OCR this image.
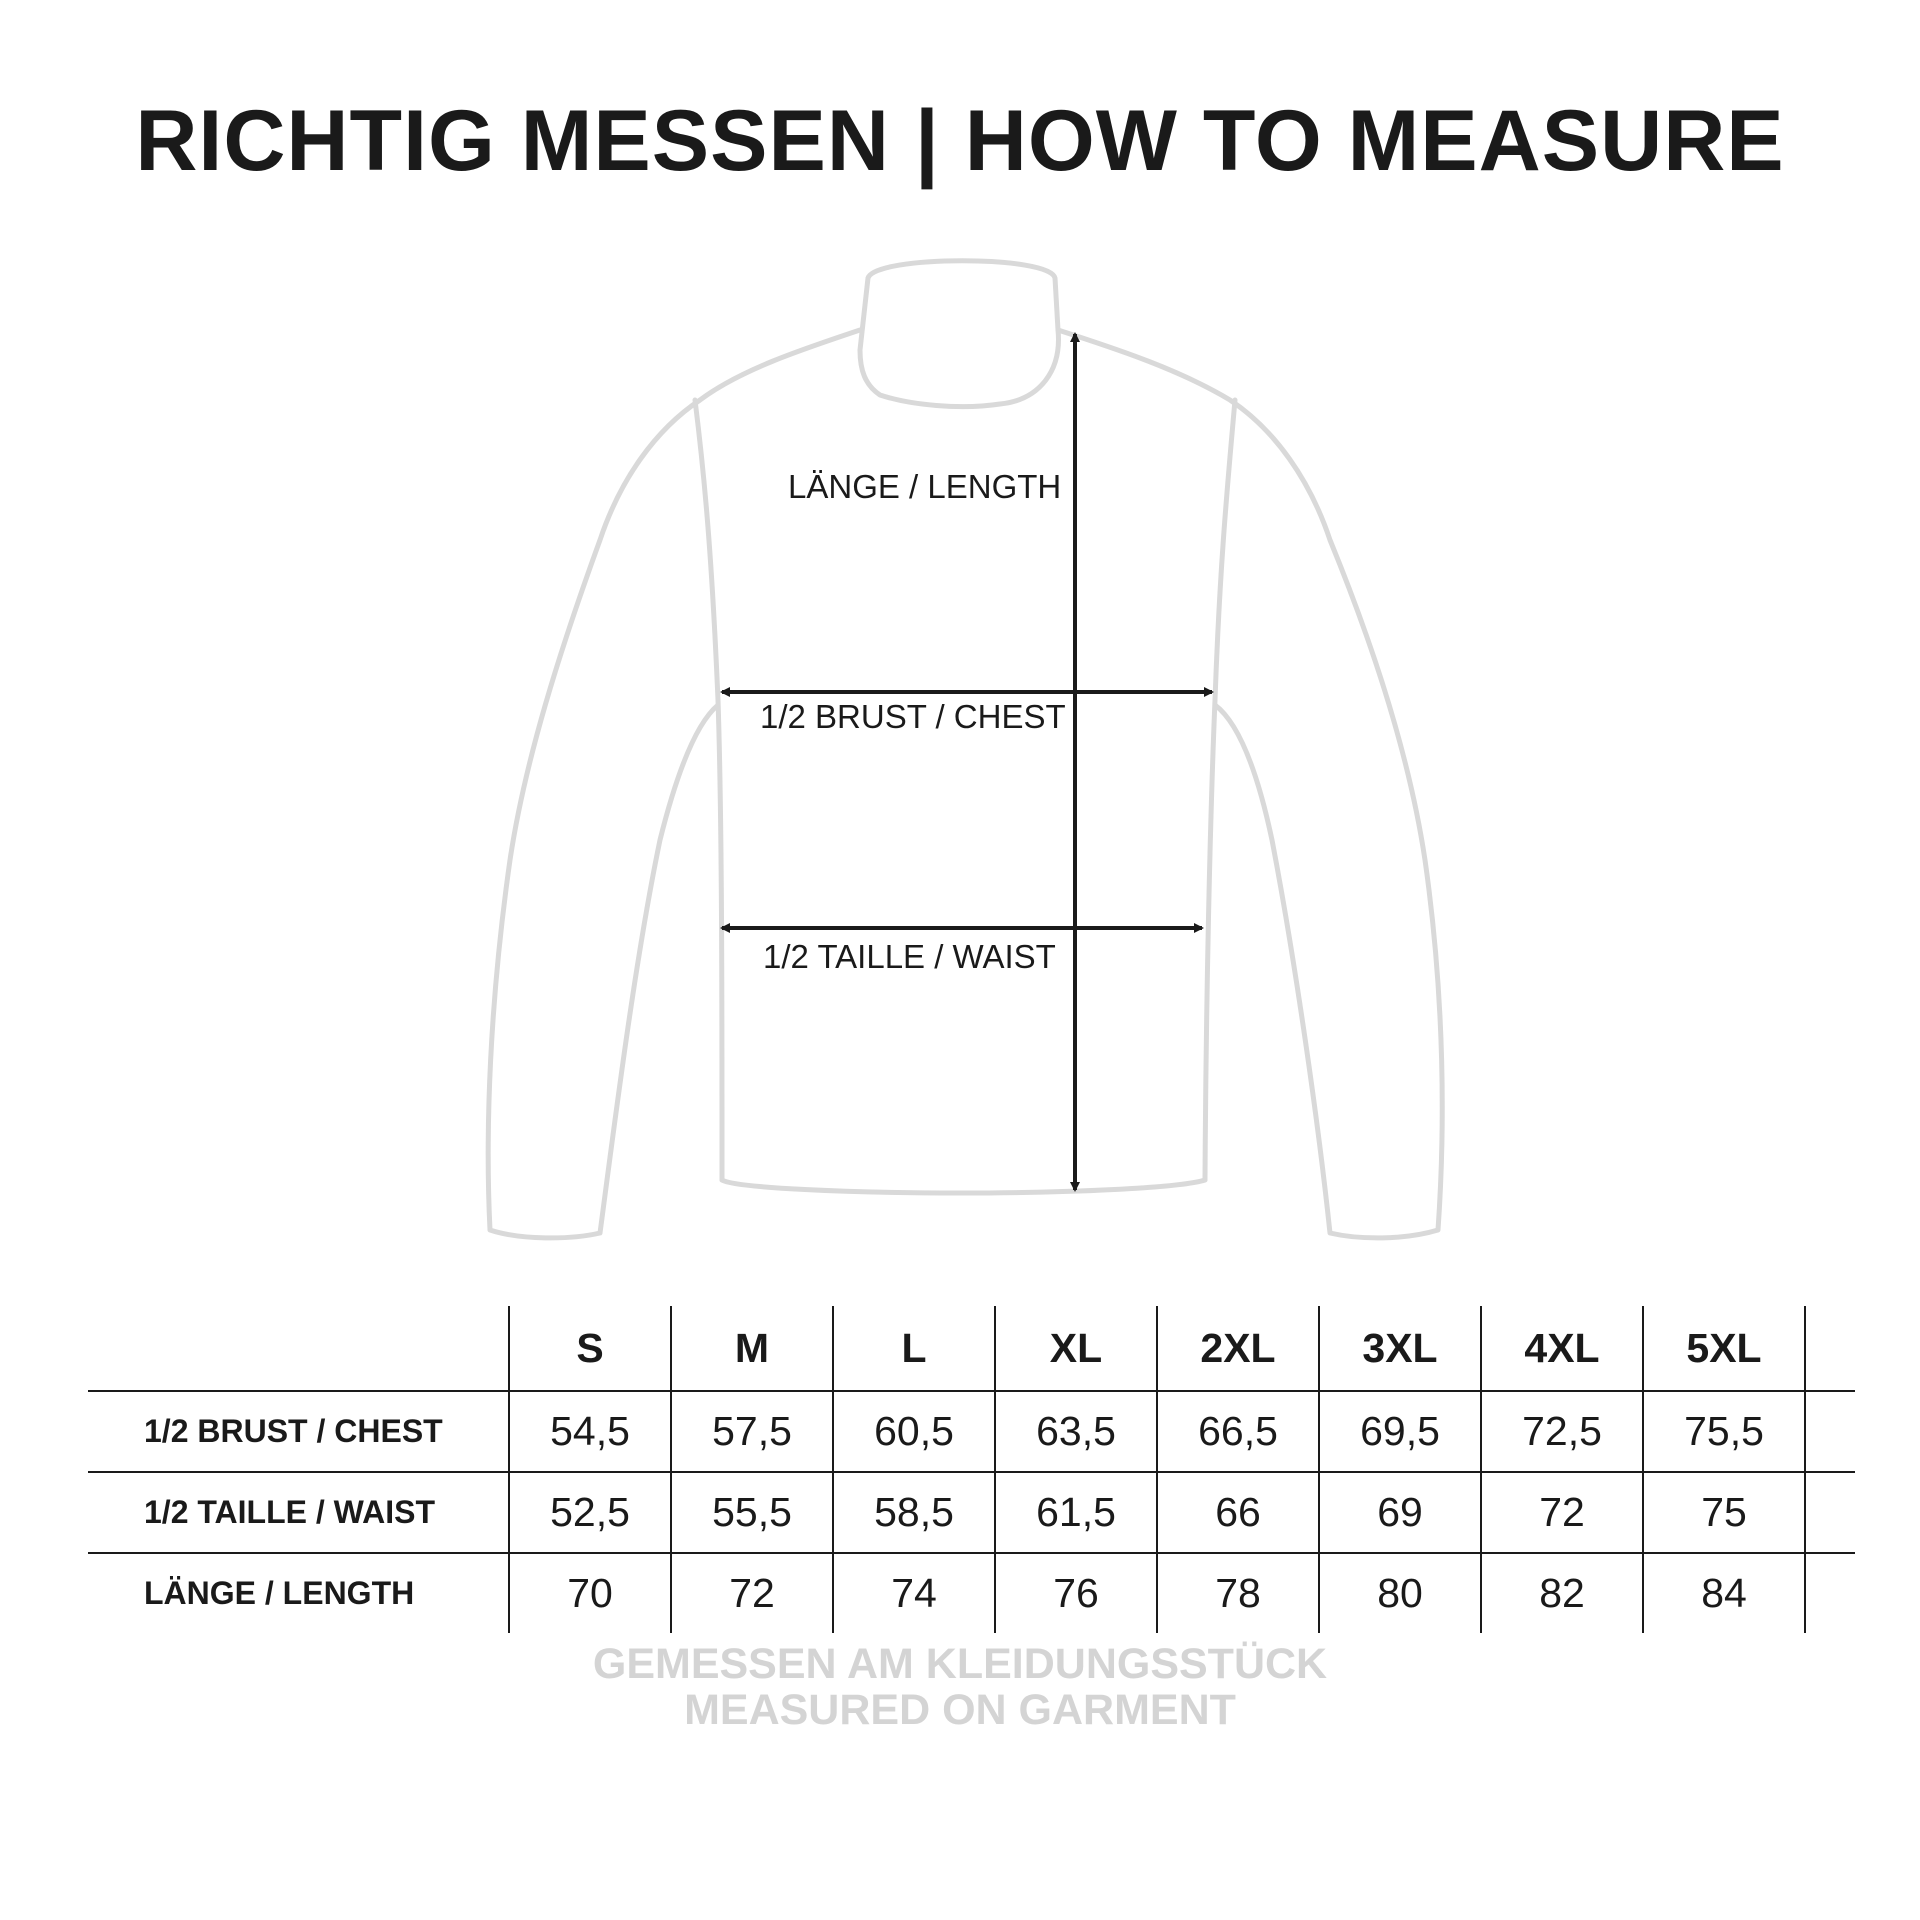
RICHTIG MESSEN | HOW TO MEASURE
LÄNGE / LENGTH
1/2 BRUST / CHEST
1/2 TAILLE / WAIST
	S	M	L	XL	2XL	3XL	4XL	5XL	
1/2 BRUST / CHEST	54,5	57,5	60,5	63,5	66,5	69,5	72,5	75,5	
1/2 TAILLE / WAIST	52,5	55,5	58,5	61,5	66	69	72	75	
LÄNGE / LENGTH	70	72	74	76	78	80	82	84	
GEMESSEN AM KLEIDUNGSSTÜCK
MEASURED ON GARMENT
